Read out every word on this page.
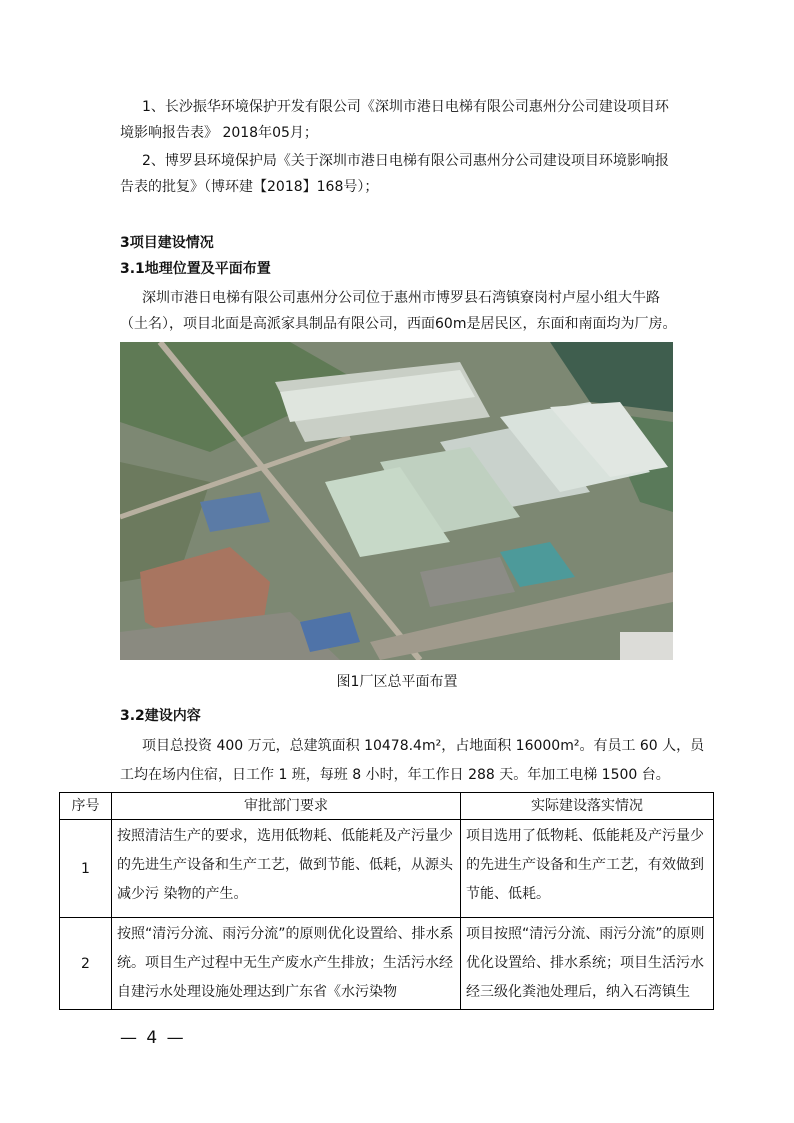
1、长沙振华环境保护开发有限公司《深圳市港日电梯有限公司惠州分公司建设项目环
境影响报告表》 2018年05月；
2、博罗县环境保护局《关于深圳市港日电梯有限公司惠州分公司建设项目环境影响报
告表的批复》（博环建【2018】168号）；
3项目建设情况
3.1地理位置及平面布置
深圳市港日电梯有限公司惠州分公司位于惠州市博罗县石湾镇寮岗村卢屋小组大牛路
（土名），项目北面是高派家具制品有限公司，西面60m是居民区，东面和南面均为厂房。
图1厂区总平面布置
3.2建设内容
项目总投资 400 万元，总建筑面积 10478.4m²，占地面积 16000m²。有员工 60 人，员
工均在场内住宿，日工作 1 班，每班 8 小时，年工作日 288 天。年加工电梯 1500 台。
序号	审批部门要求	实际建设落实情况
1	按照清洁生产的要求，选用低物耗、低能耗及产污量少的先进生产设备和生产工艺，做到节能、低耗，从源头减少污 染物的产生。	项目选用了低物耗、低能耗及产污量少的先进生产设备和生产工艺，有效做到节能、低耗。
2	按照“清污分流、雨污分流”的原则优化设置给、排水系统。项目生产过程中无生产废水产生排放；生活污水经自建污水处理设施处理达到广东省《水污染物	项目按照“清污分流、雨污分流”的原则优化设置给、排水系统；项目生活污水经三级化粪池处理后，纳入石湾镇生
— 4 —
